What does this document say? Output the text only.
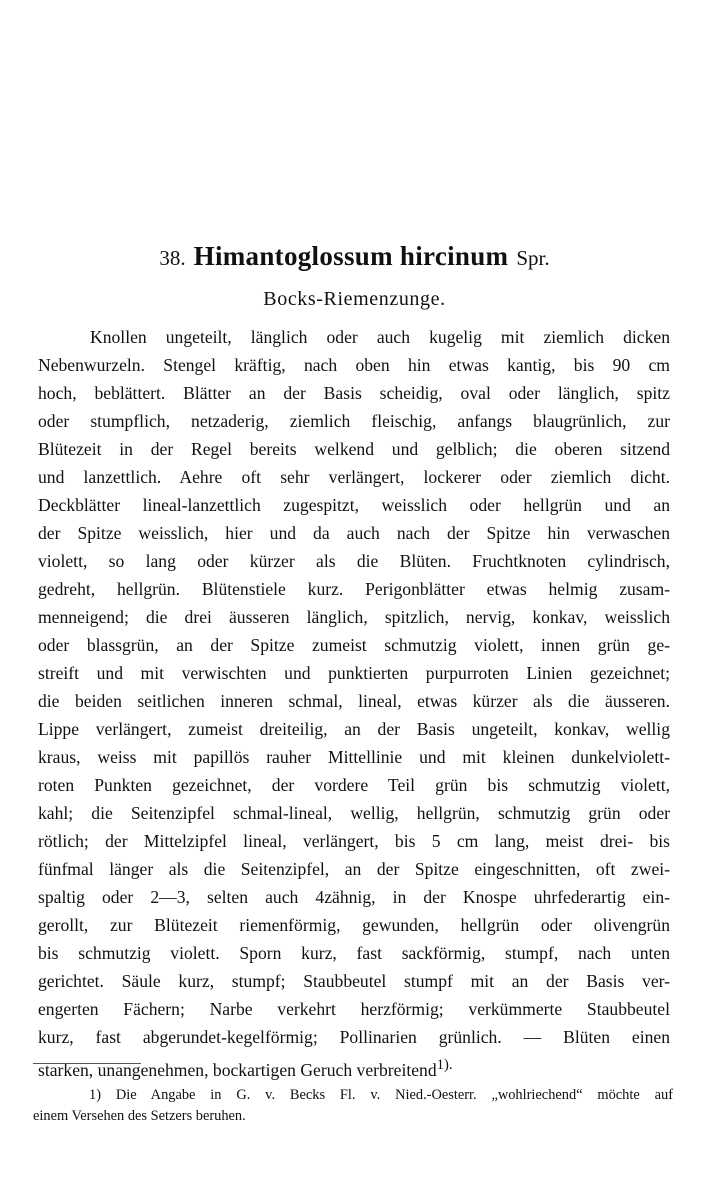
38. Himantoglossum hircinum Spr.
Bocks-Riemenzunge.
Knollen ungeteilt, länglich oder auch kugelig mit ziemlich dicken
Nebenwurzeln. Stengel kräftig, nach oben hin etwas kantig, bis 90 cm
hoch, beblättert. Blätter an der Basis scheidig, oval oder länglich, spitz
oder stumpflich, netzaderig, ziemlich fleischig, anfangs blaugrünlich, zur
Blütezeit in der Regel bereits welkend und gelblich; die oberen sitzend
und lanzettlich. Aehre oft sehr verlängert, lockerer oder ziemlich dicht.
Deckblätter lineal-lanzettlich zugespitzt, weisslich oder hellgrün und an
der Spitze weisslich, hier und da auch nach der Spitze hin verwaschen
violett, so lang oder kürzer als die Blüten. Fruchtknoten cylindrisch,
gedreht, hellgrün. Blütenstiele kurz. Perigonblätter etwas helmig zusam-
menneigend; die drei äusseren länglich, spitzlich, nervig, konkav, weisslich
oder blassgrün, an der Spitze zumeist schmutzig violett, innen grün ge-
streift und mit verwischten und punktierten purpurroten Linien gezeichnet;
die beiden seitlichen inneren schmal, lineal, etwas kürzer als die äusseren.
Lippe verlängert, zumeist dreiteilig, an der Basis ungeteilt, konkav, wellig
kraus, weiss mit papillös rauher Mittellinie und mit kleinen dunkelviolett-
roten Punkten gezeichnet, der vordere Teil grün bis schmutzig violett,
kahl; die Seitenzipfel schmal-lineal, wellig, hellgrün, schmutzig grün oder
rötlich; der Mittelzipfel lineal, verlängert, bis 5 cm lang, meist drei- bis
fünfmal länger als die Seitenzipfel, an der Spitze eingeschnitten, oft zwei-
spaltig oder 2—3, selten auch 4zähnig, in der Knospe uhrfederartig ein-
gerollt, zur Blütezeit riemenförmig, gewunden, hellgrün oder olivengrün
bis schmutzig violett. Sporn kurz, fast sackförmig, stumpf, nach unten
gerichtet. Säule kurz, stumpf; Staubbeutel stumpf mit an der Basis ver-
engerten Fächern; Narbe verkehrt herzförmig; verkümmerte Staubbeutel
kurz, fast abgerundet-kegelförmig; Pollinarien grünlich. — Blüten einen
starken, unangenehmen, bockartigen Geruch verbreitend$^{1).}$
1) Die Angabe in G. v. Becks Fl. v. Nied.-Oesterr. „wohlriechend“ möchte auf
einem Versehen des Setzers beruhen.
